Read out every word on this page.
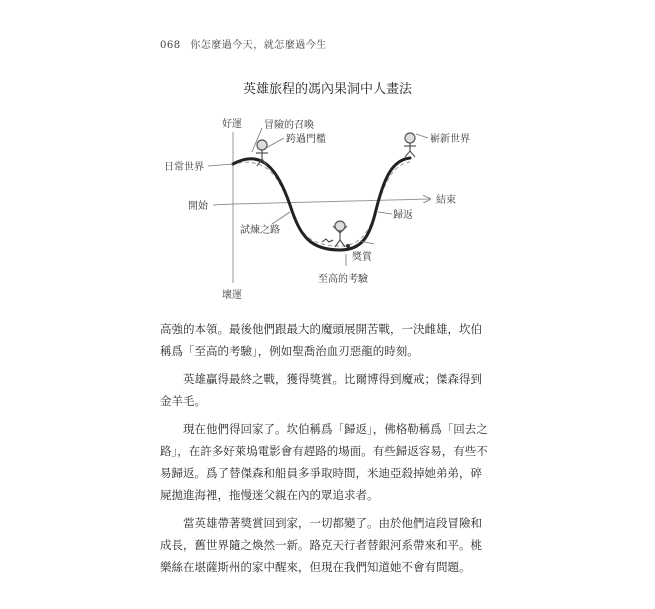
068 你怎麼過今天，就怎麼過今生
英雄旅程的馮內果洞中人畫法
好運
日常世界
開始
壞運
冒險的召喚
跨過門檻
試煉之路
至高的考驗
獎賞
歸返
嶄新世界
結束

高強的本領。最後他們跟最大的魔頭展開苦戰，一決雌雄，坎伯稱爲「至高的考驗」，例如聖喬治血刃惡龍的時刻。

英雄贏得最終之戰，獲得獎賞。比爾博得到魔戒；傑森得到金羊毛。

現在他們得回家了。坎伯稱爲「歸返」，佛格勒稱爲「回去之路」，在許多好萊塢電影會有趕路的場面。有些歸返容易，有些不易歸返。爲了替傑森和船員多爭取時間，米迪亞殺掉她弟弟，碎屍拋進海裡，拖慢迷父親在內的眾追求者。

當英雄帶著獎賞回到家，一切都變了。由於他們這段冒險和成長，舊世界隨之煥然一新。路克天行者替銀河系帶來和平。桃樂絲在堪薩斯州的家中醒來，但現在我們知道她不會有問題。
